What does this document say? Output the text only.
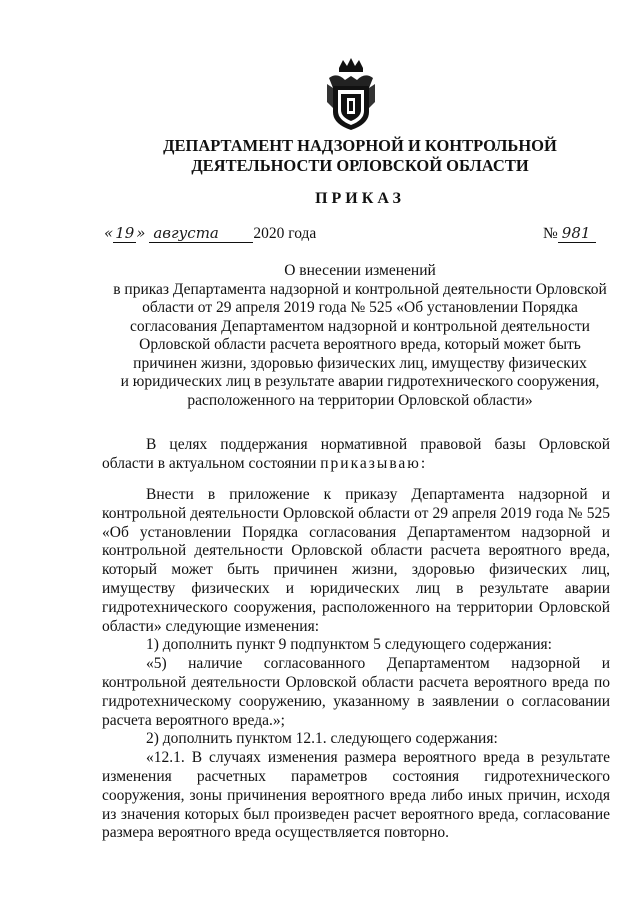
ДЕПАРТАМЕНТ НАДЗОРНОЙ И КОНТРОЛЬНОЙ
ДЕЯТЕЛЬНОСТИ ОРЛОВСКОЙ ОБЛАСТИ
ПРИКАЗ
« 19 » августа 2020 года	№ 981
О внесении изменений
в приказ Департамента надзорной и контрольной деятельности Орловской
области от 29 апреля 2019 года № 525 «Об установлении Порядка
согласования Департаментом надзорной и контрольной деятельности
Орловской области расчета вероятного вреда, который может быть
причинен жизни, здоровью физических лиц, имуществу физических
и юридических лиц в результате аварии гидротехнического сооружения,
расположенного на территории Орловской области»

В целях поддержания нормативной правовой базы Орловской области в актуальном состоянии приказываю:

Внести в приложение к приказу Департамента надзорной и контрольной деятельности Орловской области от 29 апреля 2019 года № 525 «Об установлении Порядка согласования Департаментом надзорной и контрольной деятельности Орловской области расчета вероятного вреда, который может быть причинен жизни, здоровью физических лиц, имуществу физических и юридических лиц в результате аварии гидротехнического сооружения, расположенного на территории Орловской области» следующие изменения:

1) дополнить пункт 9 подпунктом 5 следующего содержания:

«5) наличие согласованного Департаментом надзорной и контрольной деятельности Орловской области расчета вероятного вреда по гидротехническому сооружению, указанному в заявлении о согласовании расчета вероятного вреда.»;

2) дополнить пунктом 12.1. следующего содержания:

«12.1. В случаях изменения размера вероятного вреда в результате изменения расчетных параметров состояния гидротехнического сооружения, зоны причинения вероятного вреда либо иных причин, исходя из значения которых был произведен расчет вероятного вреда, согласование размера вероятного вреда осуществляется повторно.
